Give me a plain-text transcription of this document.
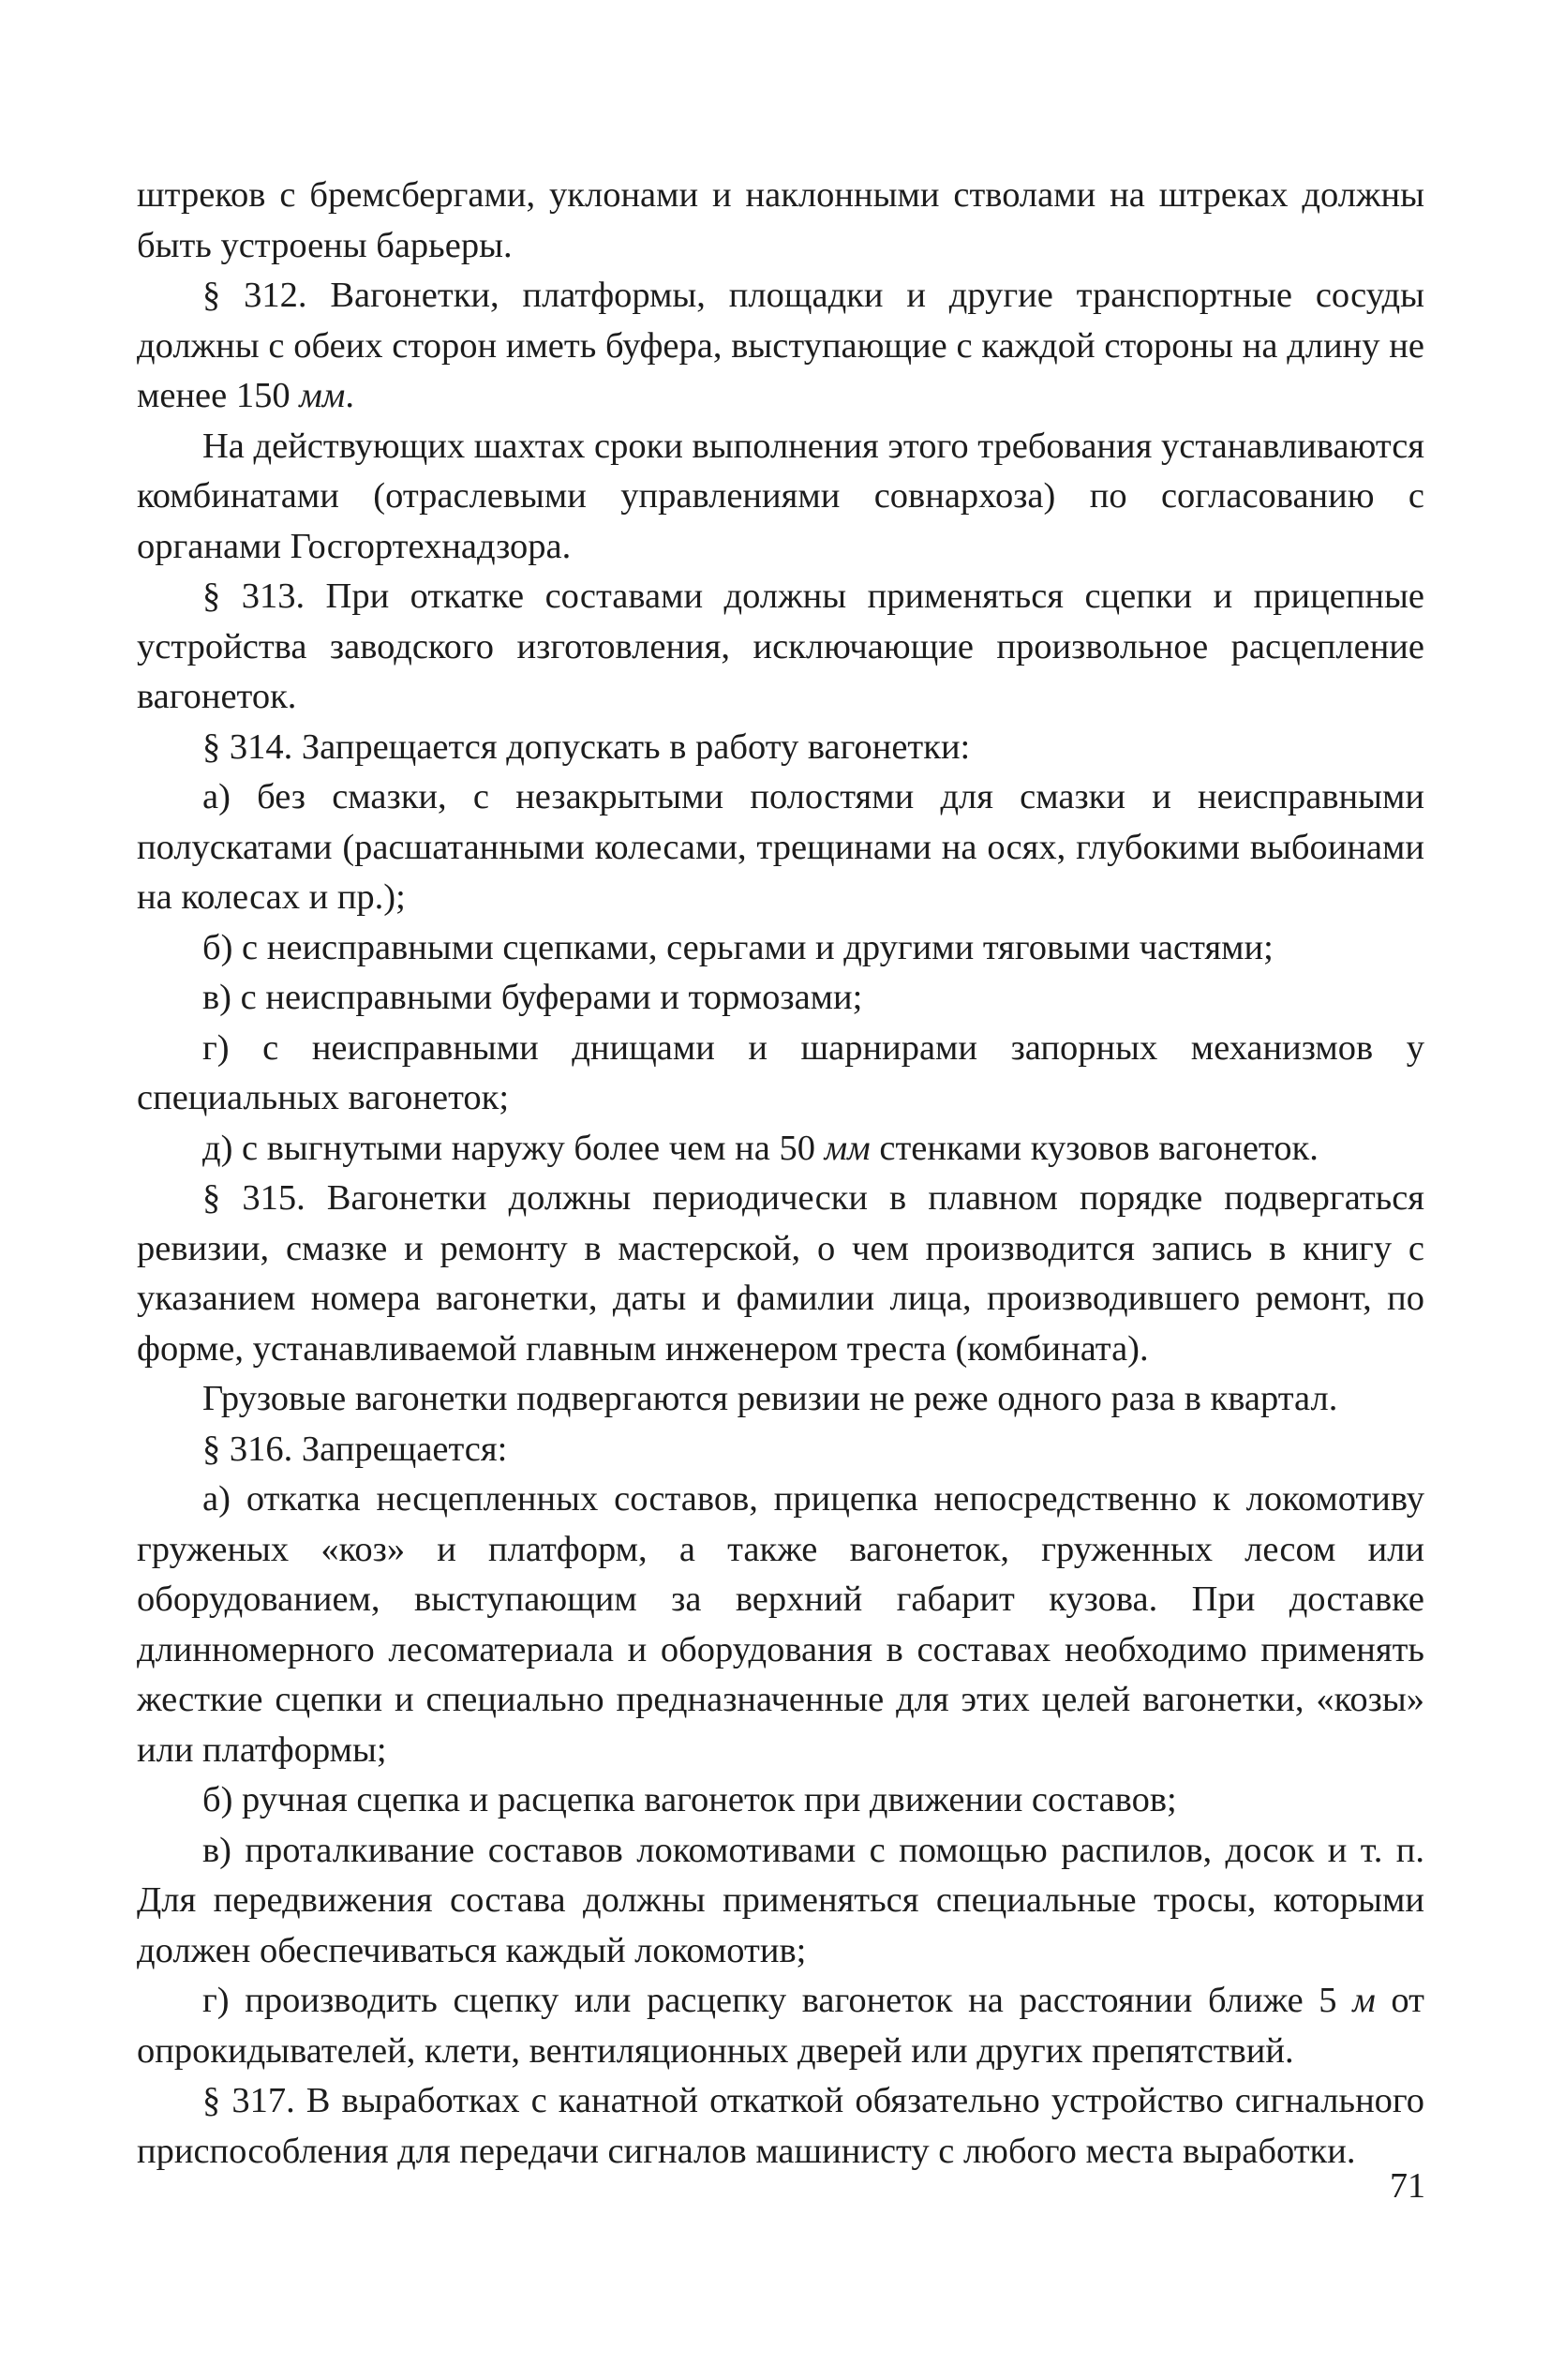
штреков с бремсбергами, уклонами и наклонными стволами на штреках должны быть устроены барьеры.

§ 312. Вагонетки, платформы, площадки и другие транспортные сосуды должны с обеих сторон иметь буфера, выступающие с каждой стороны на длину не менее 150 мм.

На действующих шахтах сроки выполнения этого требования устанавливаются комбинатами (отраслевыми управлениями совнархоза) по согласованию с органами Госгортехнадзора.

§ 313. При откатке составами должны применяться сцепки и прицепные устройства заводского изготовления, исключающие произвольное расцепление вагонеток.

§ 314. Запрещается допускать в работу вагонетки:

а) без смазки, с незакрытыми полостями для смазки и неисправными полускатами (расшатанными колесами, трещинами на осях, глубокими выбоинами на колесах и пр.);

б) с неисправными сцепками, серьгами и другими тяговыми частями;

в) с неисправными буферами и тормозами;

г) с неисправными днищами и шарнирами запорных механизмов у специальных вагонеток;

д) с выгнутыми наружу более чем на 50 мм стенками кузовов вагонеток.

§ 315. Вагонетки должны периодически в плавном порядке подвергаться ревизии, смазке и ремонту в мастерской, о чем производится запись в книгу с указанием номера вагонетки, даты и фамилии лица, производившего ремонт, по форме, устанавливаемой главным инженером треста (комбината).

Грузовые вагонетки подвергаются ревизии не реже одного раза в квартал.

§ 316. Запрещается:

а) откатка несцепленных составов, прицепка непосредственно к локомотиву груженых «коз» и платформ, а также вагонеток, груженных лесом или оборудованием, выступающим за верхний габарит кузова. При доставке длинномерного лесоматериала и оборудования в составах необходимо применять жесткие сцепки и специально предназначенные для этих целей вагонетки, «козы» или платформы;

б) ручная сцепка и расцепка вагонеток при движении составов;

в) проталкивание составов локомотивами с помощью распилов, досок и т. п. Для передвижения состава должны применяться специальные тросы, которыми должен обеспечиваться каждый локомотив;

г) производить сцепку или расцепку вагонеток на расстоянии ближе 5 м от опрокидывателей, клети, вентиляционных дверей или других препятствий.

§ 317. В выработках с канатной откаткой обязательно устройство сигнального приспособления для передачи сигналов машинисту с любого места выработки.

71
